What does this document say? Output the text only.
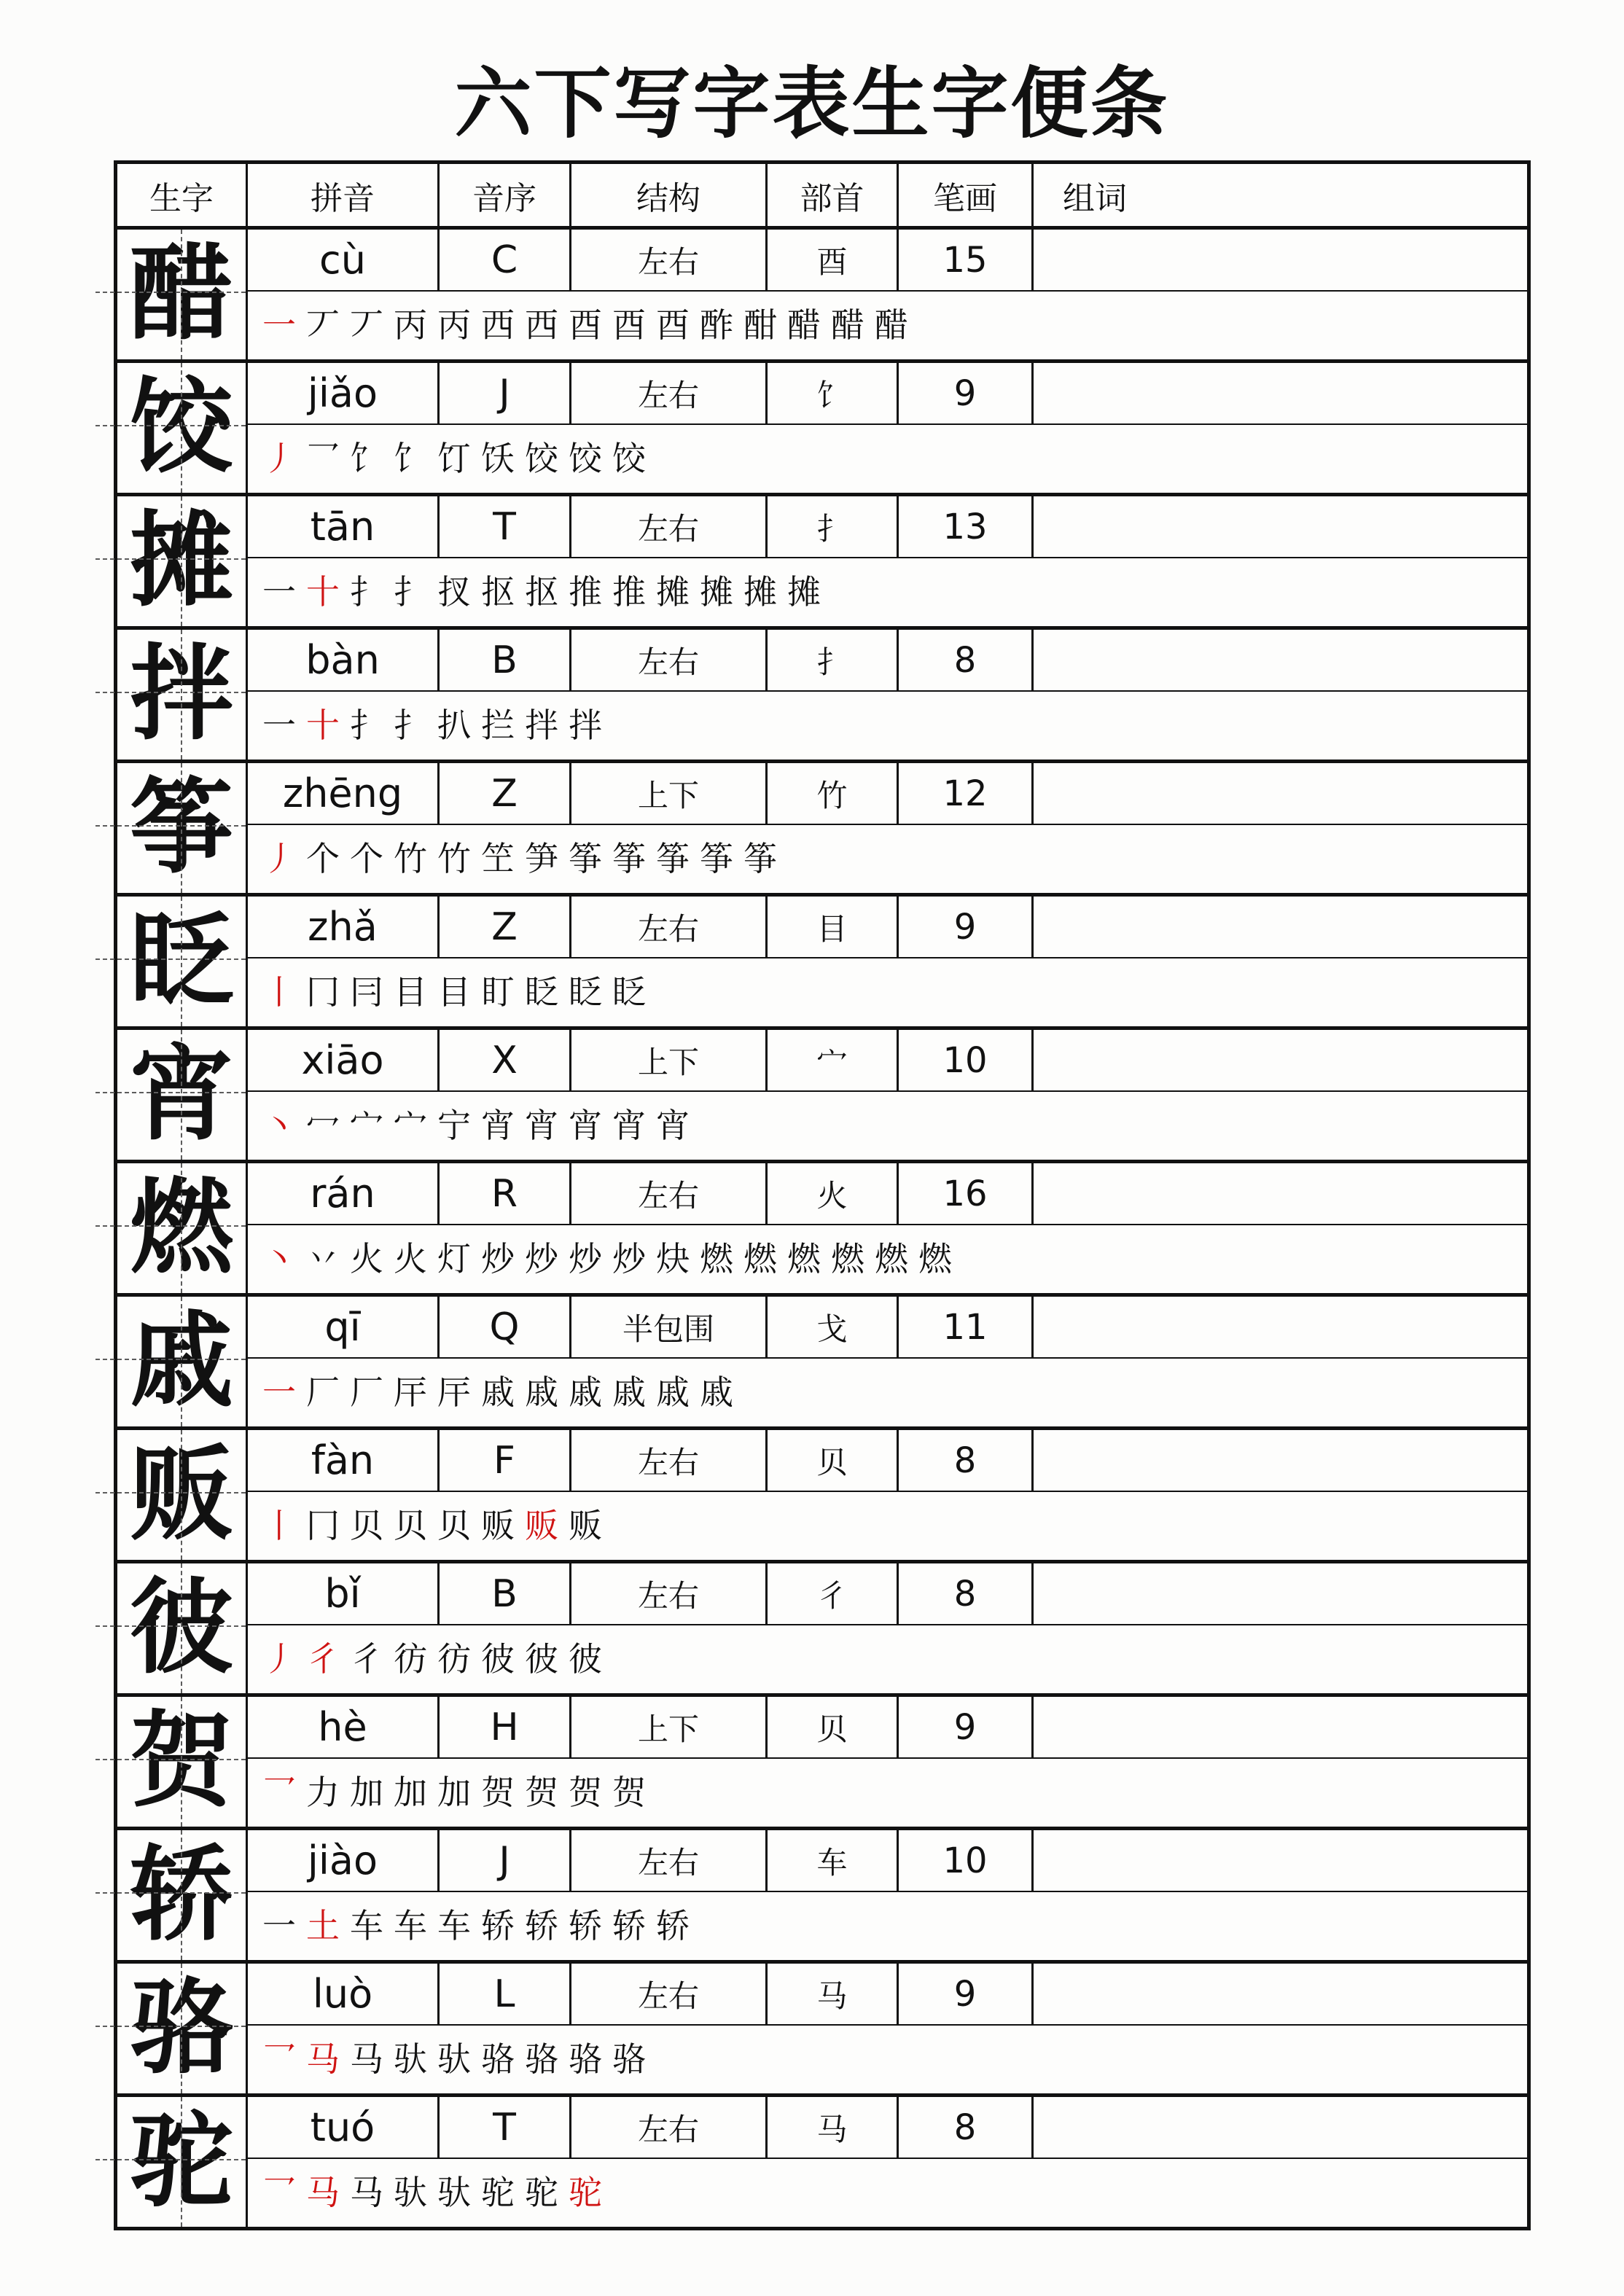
六下写字表生字便条
生字	拼音	音序	结构	部首	笔画	组词
醋	cù	C	左右	酉	15
一 丆 丆 丙 丙 西 西 酉 酉 酉 酢 酣 醋 醋 醋
饺	jiǎo	J	左右	饣	9
丿 乛 饣 饣 饤 饫 饺 饺 饺
摊	tān	T	左右	扌	13
一 十 扌 扌 扠 抠 抠 推 推 摊 摊 摊 摊
拌	bàn	B	左右	扌	8
一 十 扌 扌 扒 拦 拌 拌
筝	zhēng	Z	上下	竹	12
丿 个 个 竹 竹 笁 笋 筝 筝 筝 筝 筝
眨	zhǎ	Z	左右	目	9
丨 冂 冃 目 目 盯 眨 眨 眨
宵	xiāo	X	上下	宀	10
丶 冖 宀 宀 宁 宵 宵 宵 宵 宵
燃	rán	R	左右	火	16
丶 丷 火 火 灯 炒 炒 炒 炒 炔 燃 燃 燃 燃 燃 燃
戚	qī	Q	半包围	戈	11
一 厂 厂 厈 厈 戚 戚 戚 戚 戚 戚
贩	fàn	F	左右	贝	8
丨 冂 贝 贝 贝 贩 贩 贩
彼	bǐ	B	左右	彳	8
丿 彳 彳 彷 彷 彼 彼 彼
贺	hè	H	上下	贝	9
乛 力 加 加 加 贺 贺 贺 贺
轿	jiào	J	左右	车	10
一 土 车 车 车 轿 轿 轿 轿 轿
骆	luò	L	左右	马	9
乛 马 马 驮 驮 骆 骆 骆 骆
驼	tuó	T	左右	马	8
乛 马 马 驮 驮 驼 驼 驼
